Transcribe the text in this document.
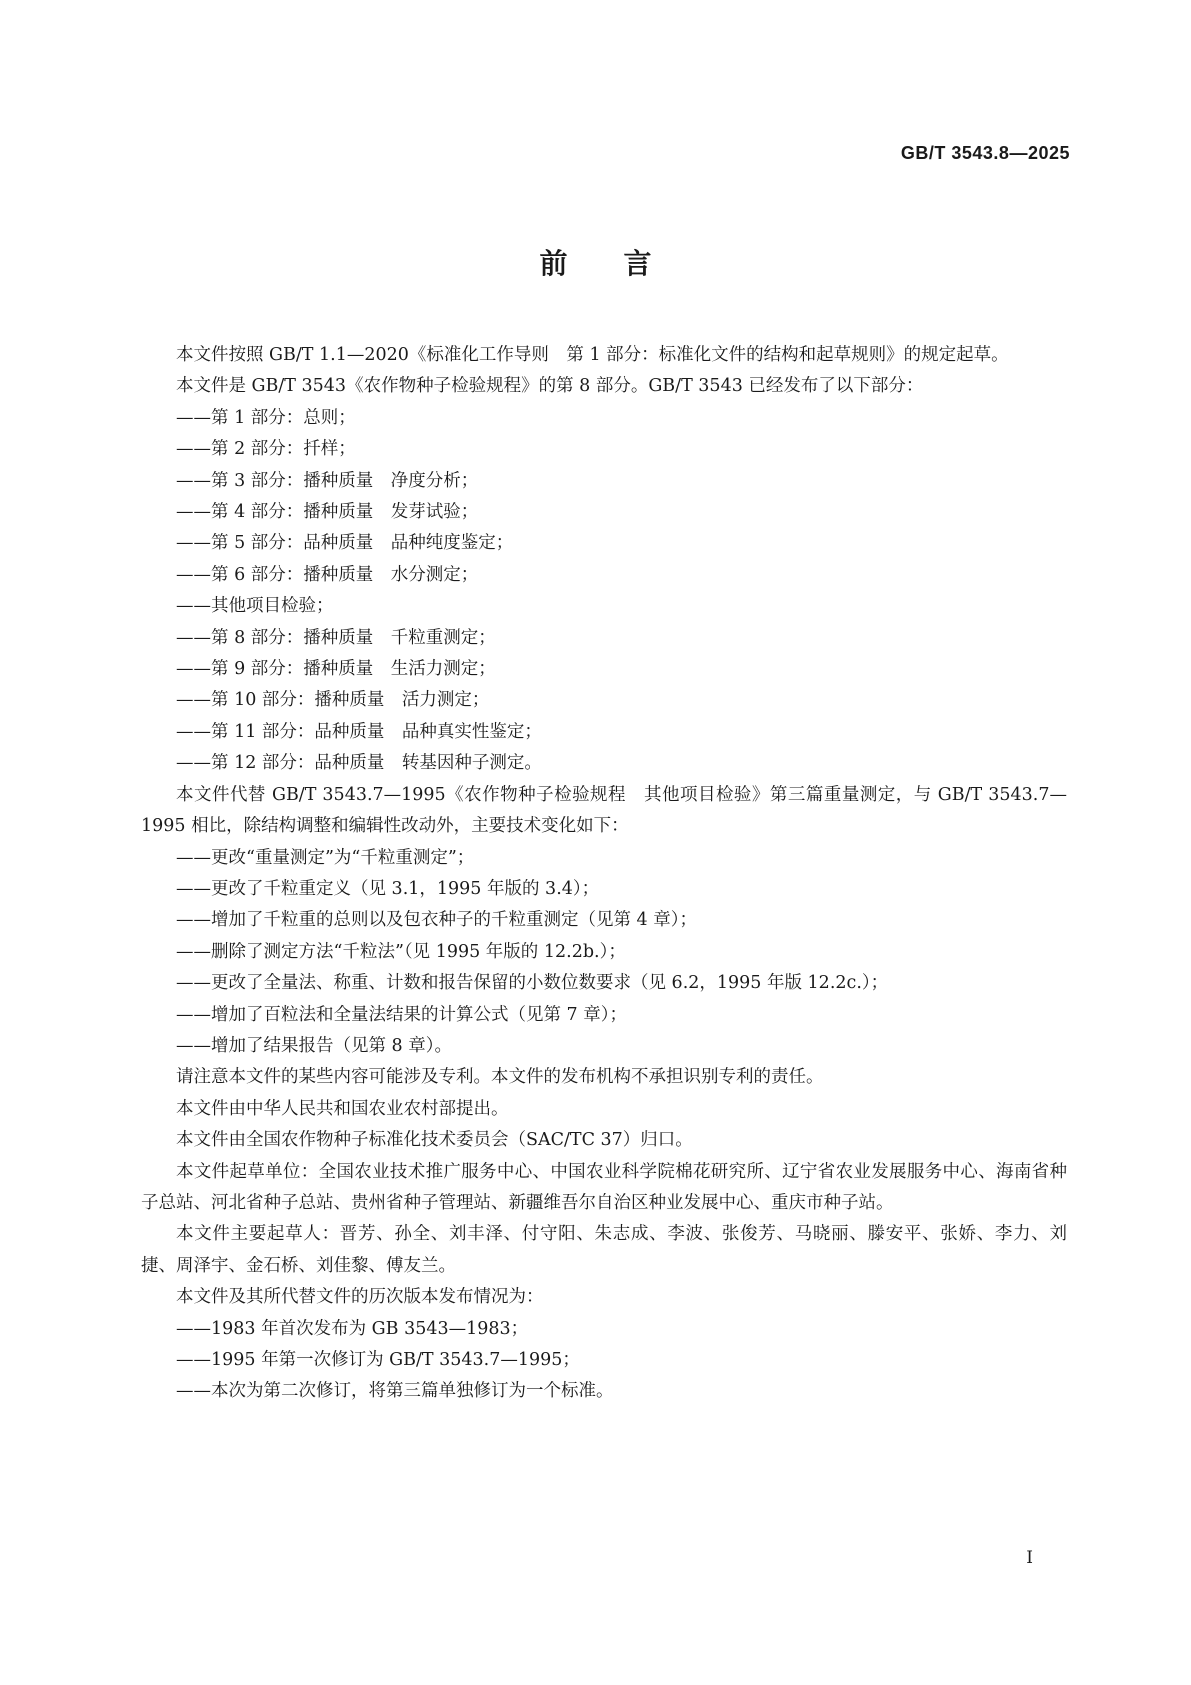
GB/T 3543.8—2025
前言

本文件按照 GB/T 1.1—2020《标准化工作导则　第 1 部分：标准化文件的结构和起草规则》的规定起草。

本文件是 GB/T 3543《农作物种子检验规程》的第 8 部分。GB/T 3543 已经发布了以下部分：

——第 1 部分：总则；

——第 2 部分：扦样；

——第 3 部分：播种质量　净度分析；

——第 4 部分：播种质量　发芽试验；

——第 5 部分：品种质量　品种纯度鉴定；

——第 6 部分：播种质量　水分测定；

——其他项目检验；

——第 8 部分：播种质量　千粒重测定；

——第 9 部分：播种质量　生活力测定；

——第 10 部分：播种质量　活力测定；

——第 11 部分：品种质量　品种真实性鉴定；

——第 12 部分：品种质量　转基因种子测定。

本文件代替 GB/T 3543.7—1995《农作物种子检验规程　其他项目检验》第三篇重量测定，与 GB/T 3543.7—1995 相比，除结构调整和编辑性改动外，主要技术变化如下：

——更改“重量测定”为“千粒重测定”；

——更改了千粒重定义（见 3.1，1995 年版的 3.4）；

——增加了千粒重的总则以及包衣种子的千粒重测定（见第 4 章）；

——删除了测定方法“千粒法”（见 1995 年版的 12.2b.）；

——更改了全量法、称重、计数和报告保留的小数位数要求（见 6.2，1995 年版 12.2c.）；

——增加了百粒法和全量法结果的计算公式（见第 7 章）；

——增加了结果报告（见第 8 章）。

请注意本文件的某些内容可能涉及专利。本文件的发布机构不承担识别专利的责任。

本文件由中华人民共和国农业农村部提出。

本文件由全国农作物种子标准化技术委员会（SAC/TC 37）归口。

本文件起草单位：全国农业技术推广服务中心、中国农业科学院棉花研究所、辽宁省农业发展服务中心、海南省种子总站、河北省种子总站、贵州省种子管理站、新疆维吾尔自治区种业发展中心、重庆市种子站。

本文件主要起草人：晋芳、孙全、刘丰泽、付守阳、朱志成、李波、张俊芳、马晓丽、滕安平、张娇、李力、刘捷、周泽宇、金石桥、刘佳黎、傅友兰。

本文件及其所代替文件的历次版本发布情况为：

——1983 年首次发布为 GB 3543—1983；

——1995 年第一次修订为 GB/T 3543.7—1995；

——本次为第二次修订，将第三篇单独修订为一个标准。

I
